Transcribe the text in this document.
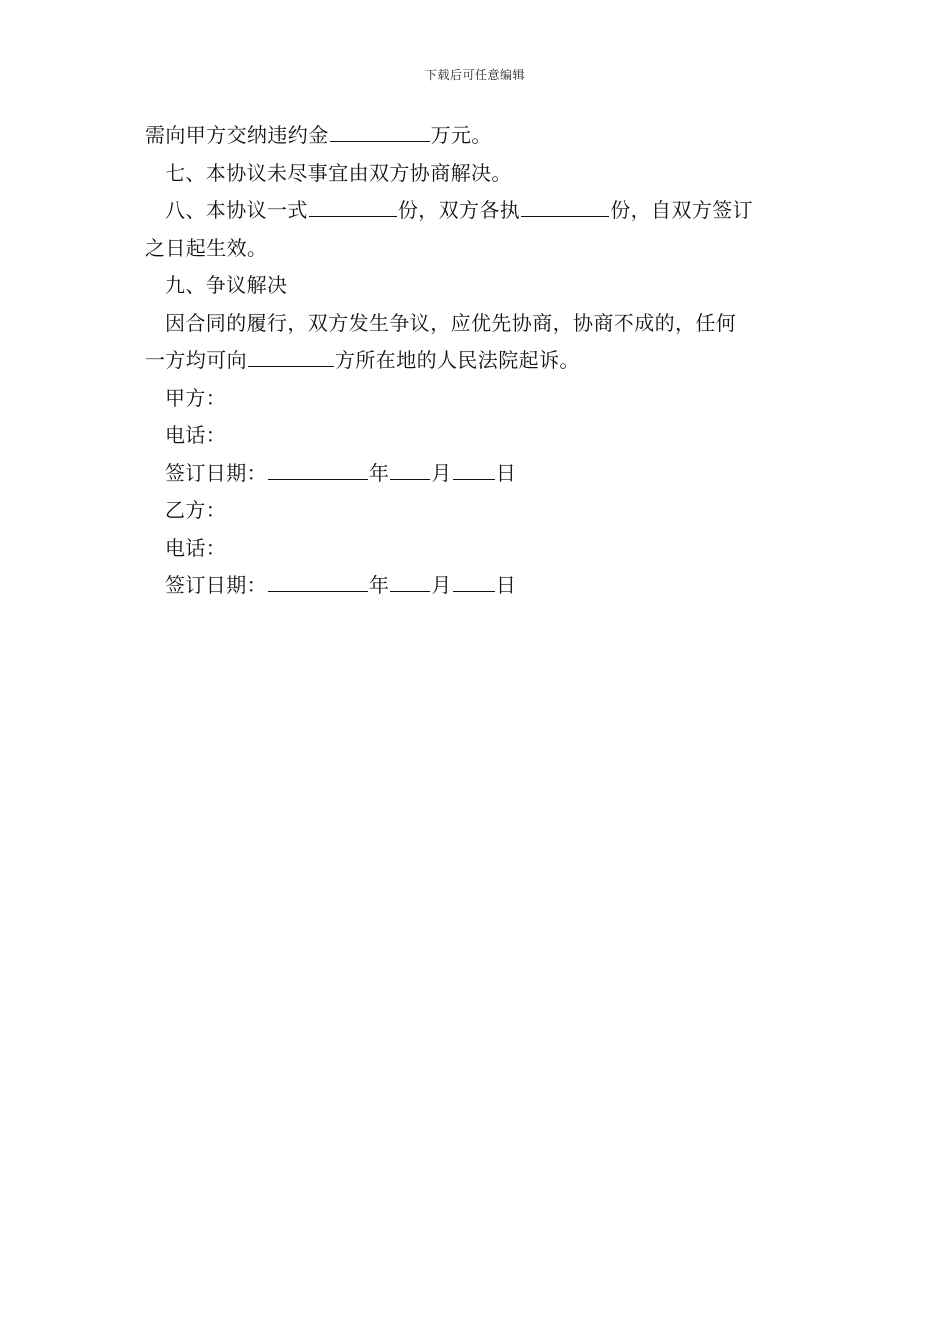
下载后可任意编辑
需向甲方交纳违约金	万元。
七、本协议未尽事宜由双方协商解决。
八、本协议一式	份，双方各执	份，自双方签订
之日起生效。
九、争议解决
因合同的履行，双方发生争议，应优先协商，协商不成的，任何
一方均可向	方所在地的人民法院起诉。
甲方：
电话：
签订日期：	年 月 日
乙方：
电话：
签订日期：	年 月 日
